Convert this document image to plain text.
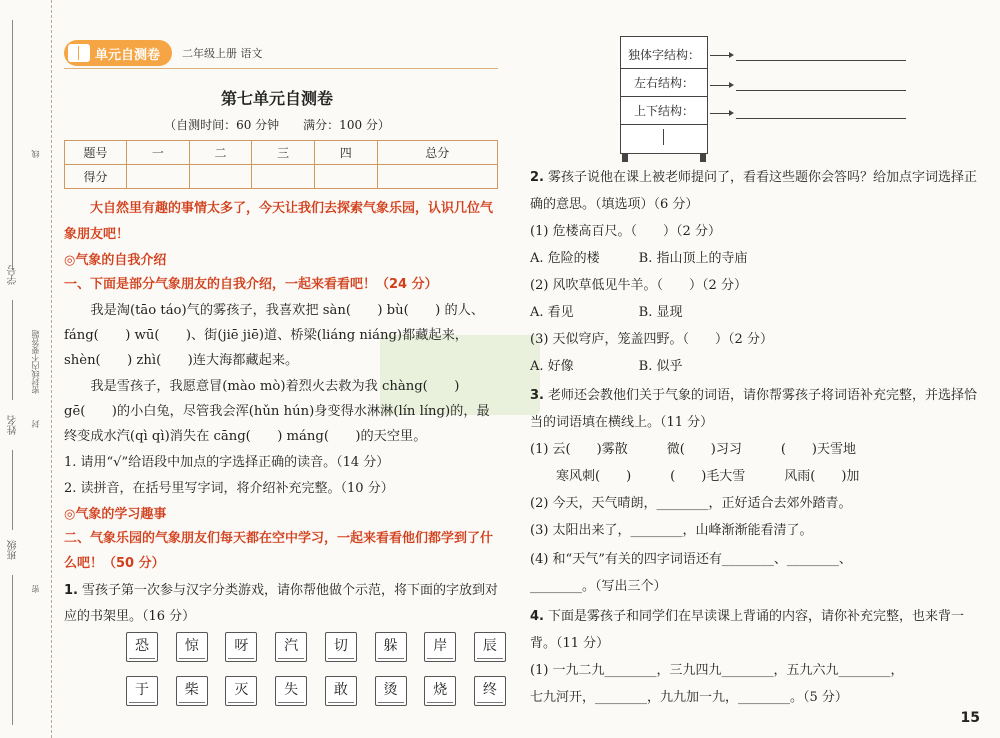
学号
姓名
班级
密封线内不要答题
线
封
密
单元自测卷 二年级上册 语文
第七单元自测卷
（自测时间：60 分钟　　满分：100 分）
题号	一	二	三	四	总分
得分					
大自然里有趣的事情太多了，今天让我们去探索气象乐园，认识几位气象朋友吧！
◎气象的自我介绍
一、下面是部分气象朋友的自我介绍，一起来看看吧！（24 分）
我是淘(tāo táo)气的雾孩子，我喜欢把 sàn(　　) bù(　　) 的人、fáng(　　) wū(　　)、街(jiē jiē)道、桥梁(liáng niáng)都藏起来，shèn(　　) zhì(　　)连大海都藏起来。
我是雪孩子，我愿意冒(mào mò)着烈火去救为我 chàng(　　) gē(　　)的小白兔，尽管我会浑(hǔn hún)身变得水淋淋(lín líng)的，最终变成水汽(qì qì)消失在 cāng(　　) máng(　　)的天空里。
1. 请用“√”给语段中加点的字选择正确的读音。（14 分）
2. 读拼音，在括号里写字词，将介绍补充完整。（10 分）
◎气象的学习趣事
二、气象乐园的气象朋友们每天都在空中学习，一起来看看他们都学到了什么吧！（50 分）
1. 雪孩子第一次参与汉字分类游戏，请你帮他做个示范，将下面的字放到对应的书架里。（16 分）
恐	惊	呀	汽	切	躲	岸	辰
于	柴	灭	失	敢	烫	烧	终
独体字结构：
左右结构：
上下结构：
2. 雾孩子说他在课上被老师提问了，看看这些题你会答吗？给加点字词选择正确的意思。（填选项）（6 分）
(1) 危楼高百尺。（　　）（2 分）
A. 危险的楼　　　B. 指山顶上的寺庙
(2) 风吹草低见牛羊。（　　）（2 分）
A. 看见　　　　　B. 显现
(3) 天似穹庐，笼盖四野。（　　）（2 分）
A. 好像　　　　　B. 似乎
3. 老师还会教他们关于气象的词语，请你帮雾孩子将词语补充完整，并选择恰当的词语填在横线上。（11 分）
(1) 云(　　)雾散　　　微(　　)习习　　　(　　)天雪地
寒风刺(　　)　　　(　　)毛大雪　　　风雨(　　)加
(2) 今天，天气晴朗，________，正好适合去郊外踏青。
(3) 太阳出来了，________，山峰渐渐能看清了。
(4) 和“天气”有关的四字词语还有________、________、
________。（写出三个）
4. 下面是雾孩子和同学们在早读课上背诵的内容，请你补充完整，也来背一背。（11 分）
(1) 一九二九________，三九四九________，五九六九________，
七九河开，________，九九加一九，________。（5 分）
15
